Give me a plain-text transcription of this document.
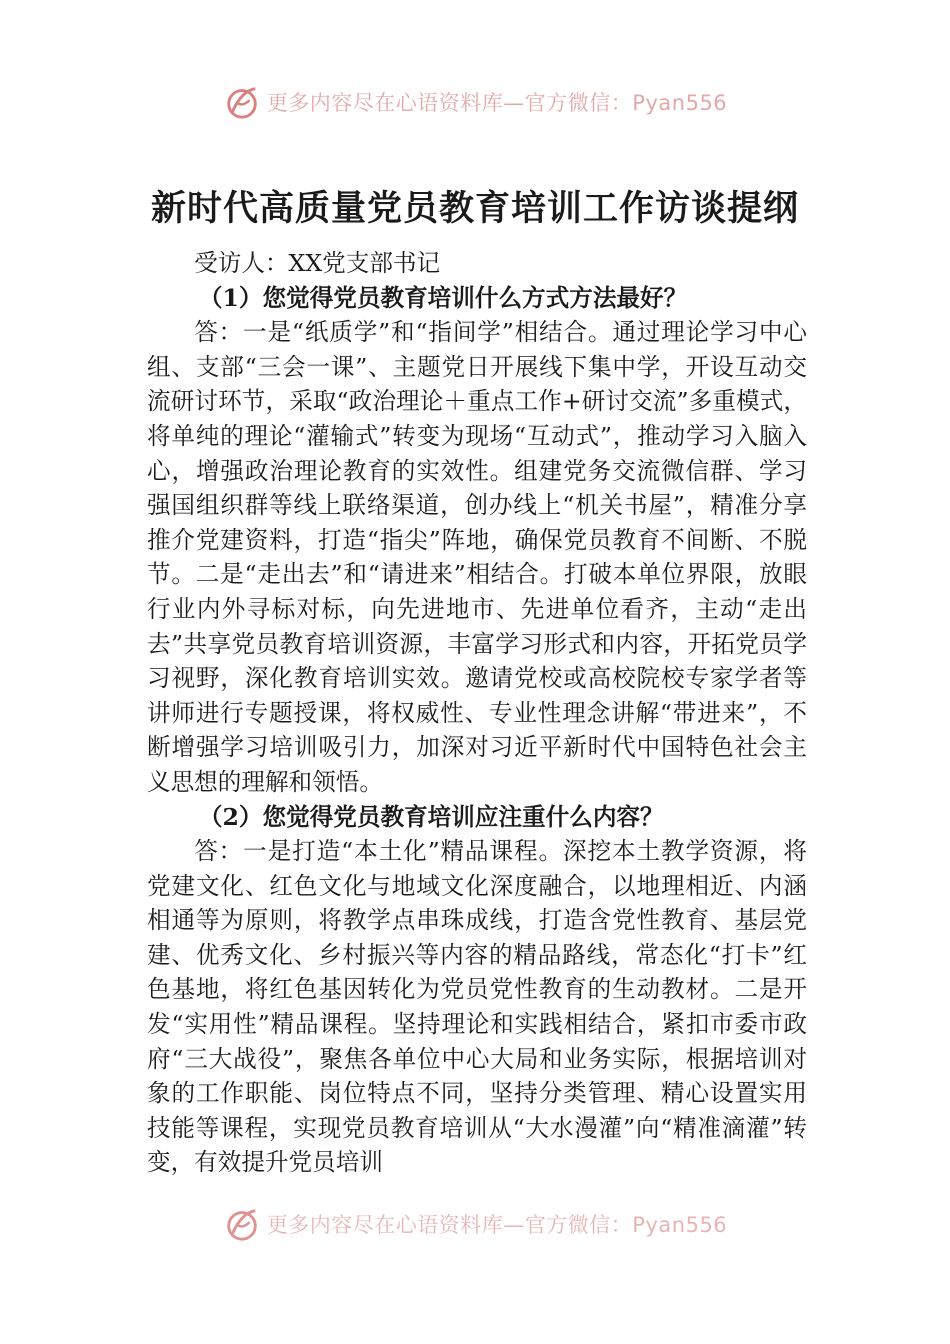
更多内容尽在心语资料库—官方微信：Pyan556
新时代高质量党员教育培训工作访谈提纲

受访人：XX党支部书记

（1）您觉得党员教育培训什么方式方法最好？

答：一是“纸质学”和“指间学”相结合。通过理论学习中心组、支部“三会一课”、主题党日开展线下集中学，开设互动交流研讨环节，采取“政治理论＋重点工作+研讨交流”多重模式，将单纯的理论“灌输式”转变为现场“互动式”，推动学习入脑入心，增强政治理论教育的实效性。组建党务交流微信群、学习强国组织群等线上联络渠道，创办线上“机关书屋”，精准分享推介党建资料，打造“指尖”阵地，确保党员教育不间断、不脱节。二是“走出去”和“请进来”相结合。打破本单位界限，放眼行业内外寻标对标，向先进地市、先进单位看齐，主动“走出去”共享党员教育培训资源，丰富学习形式和内容，开拓党员学习视野，深化教育培训实效。邀请党校或高校院校专家学者等讲师进行专题授课，将权威性、专业性理念讲解“带进来”，不断增强学习培训吸引力，加深对习近平新时代中国特色社会主义思想的理解和领悟。

（2）您觉得党员教育培训应注重什么内容？

答：一是打造“本土化”精品课程。深挖本土教学资源，将党建文化、红色文化与地域文化深度融合，以地理相近、内涵相通等为原则，将教学点串珠成线，打造含党性教育、基层党建、优秀文化、乡村振兴等内容的精品路线，常态化“打卡”红色基地，将红色基因转化为党员党性教育的生动教材。二是开发“实用性”精品课程。坚持理论和实践相结合，紧扣市委市政府“三大战役”，聚焦各单位中心大局和业务实际，根据培训对象的工作职能、岗位特点不同，坚持分类管理、精心设置实用技能等课程，实现党员教育培训从“大水漫灌”向“精准滴灌”转变，有效提升党员培训

更多内容尽在心语资料库—官方微信：Pyan556
